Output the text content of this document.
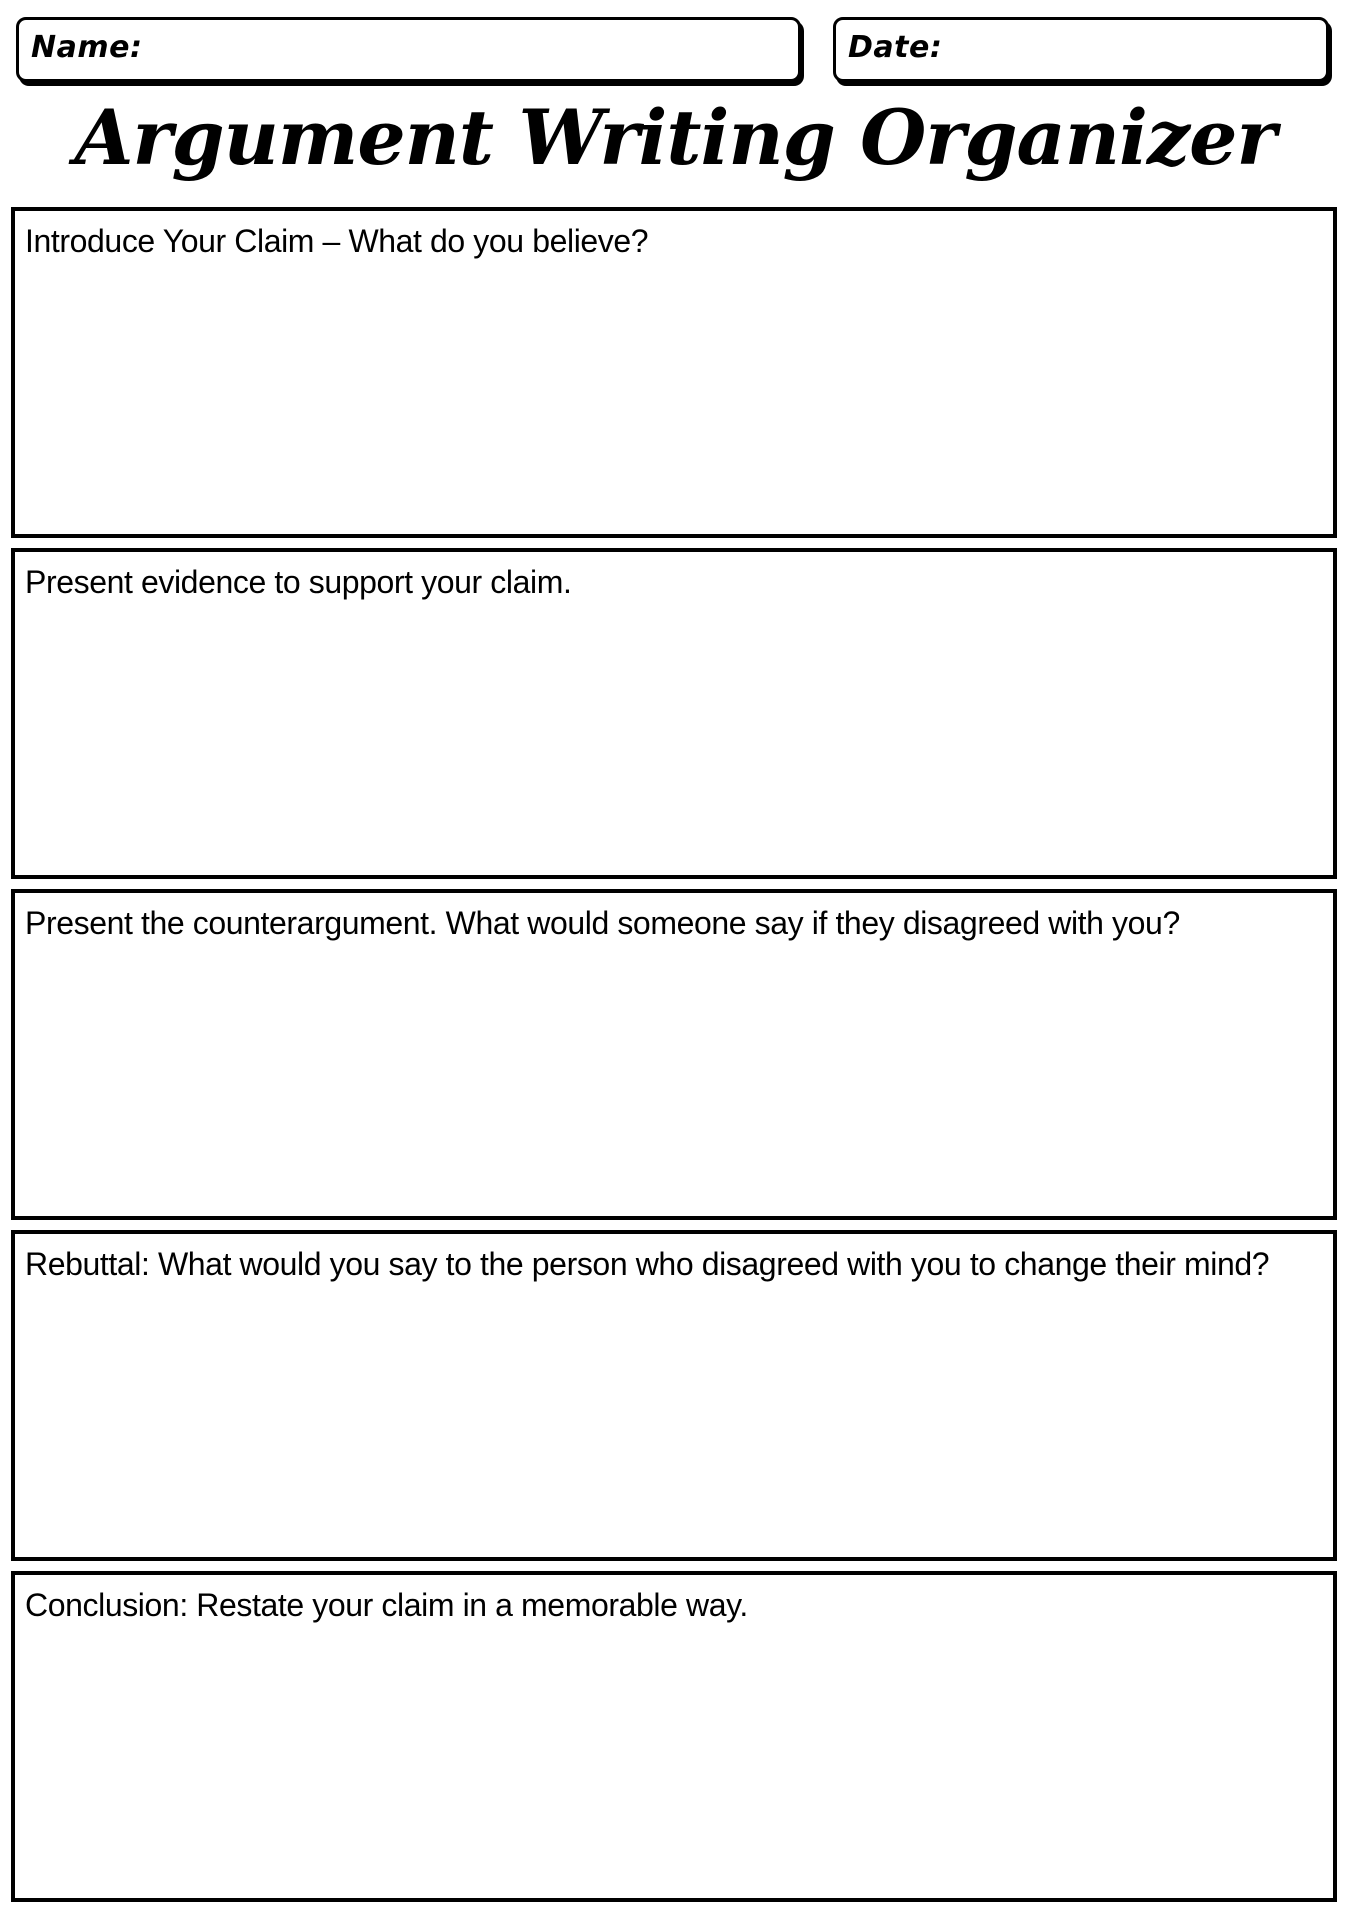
Name:	Date:
Argument Writing Organizer
Introduce Your Claim – What do you believe?
Present evidence to support your claim.
Present the counterargument. What would someone say if they disagreed with you?
Rebuttal: What would you say to the person who disagreed with you to change their mind?
Conclusion: Restate your claim in a memorable way.
